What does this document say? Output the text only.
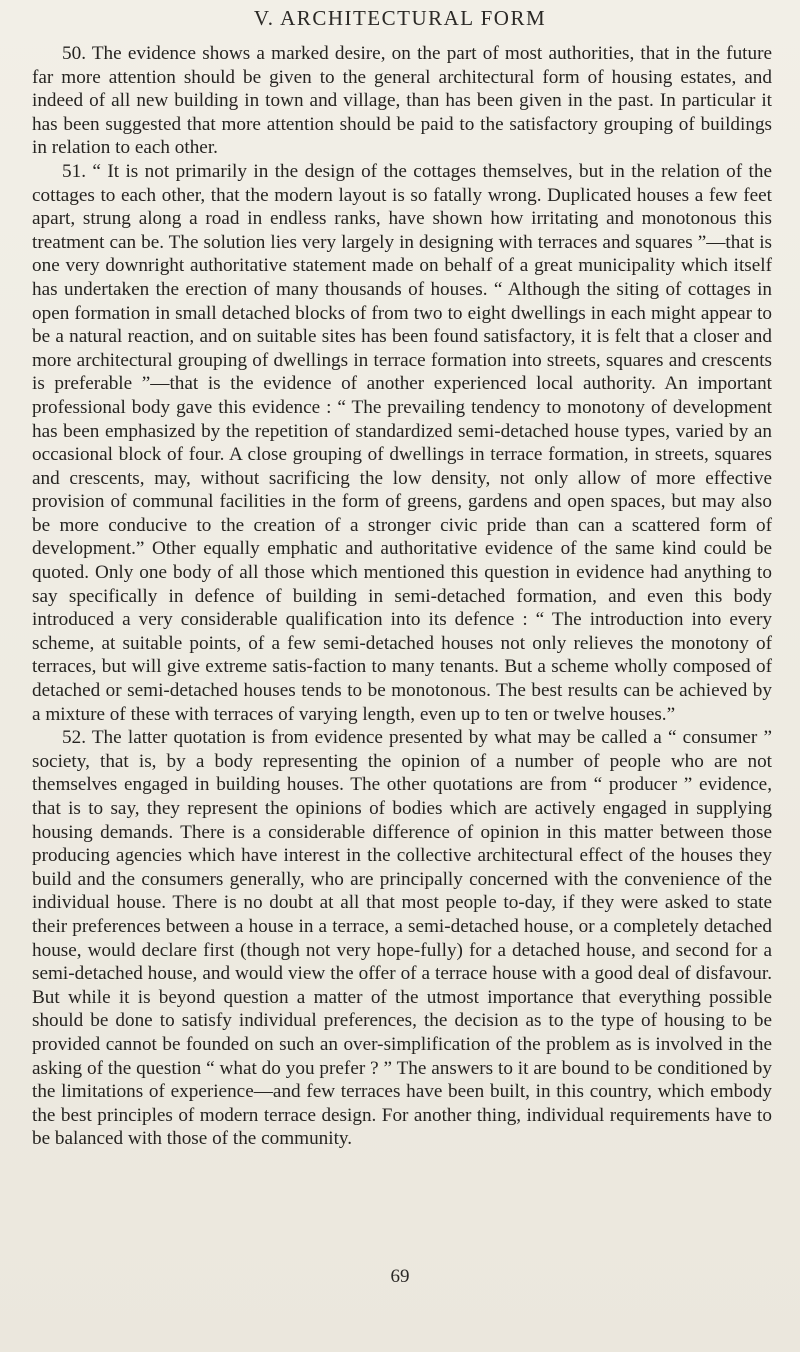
V. ARCHITECTURAL FORM

50. The evidence shows a marked desire, on the part of most authorities, that in the future far more attention should be given to the general architectural form of housing estates, and indeed of all new building in town and village, than has been given in the past. In particular it has been suggested that more attention should be paid to the satisfactory grouping of buildings in relation to each other.

51. “ It is not primarily in the design of the cottages themselves, but in the relation of the cottages to each other, that the modern layout is so fatally wrong. Duplicated houses a few feet apart, strung along a road in endless ranks, have shown how irritating and monotonous this treatment can be. The solution lies very largely in designing with terraces and squares ”—that is one very downright authoritative statement made on behalf of a great municipality which itself has undertaken the erection of many thousands of houses. “ Although the siting of cottages in open formation in small detached blocks of from two to eight dwellings in each might appear to be a natural reaction, and on suitable sites has been found satisfactory, it is felt that a closer and more architectural grouping of dwellings in terrace formation into streets, squares and crescents is preferable ”—that is the evidence of another experienced local authority. An important professional body gave this evidence : “ The prevailing tendency to monotony of development has been emphasized by the repetition of standardized semi-detached house types, varied by an occasional block of four. A close grouping of dwellings in terrace formation, in streets, squares and crescents, may, without sacrificing the low density, not only allow of more effective provision of communal facilities in the form of greens, gardens and open spaces, but may also be more conducive to the creation of a stronger civic pride than can a scattered form of development.” Other equally emphatic and authoritative evidence of the same kind could be quoted. Only one body of all those which mentioned this question in evidence had anything to say specifically in defence of building in semi-detached formation, and even this body introduced a very considerable qualification into its defence : “ The introduction into every scheme, at suitable points, of a few semi-detached houses not only relieves the monotony of terraces, but will give extreme satis-faction to many tenants. But a scheme wholly composed of detached or semi-detached houses tends to be monotonous. The best results can be achieved by a mixture of these with terraces of varying length, even up to ten or twelve houses.”

52. The latter quotation is from evidence presented by what may be called a “ consumer ” society, that is, by a body representing the opinion of a number of people who are not themselves engaged in building houses. The other quotations are from “ producer ” evidence, that is to say, they represent the opinions of bodies which are actively engaged in supplying housing demands. There is a considerable difference of opinion in this matter between those producing agencies which have interest in the collective architectural effect of the houses they build and the consumers generally, who are principally concerned with the convenience of the individual house. There is no doubt at all that most people to-day, if they were asked to state their preferences between a house in a terrace, a semi-detached house, or a completely detached house, would declare first (though not very hope-fully) for a detached house, and second for a semi-detached house, and would view the offer of a terrace house with a good deal of disfavour. But while it is beyond question a matter of the utmost importance that everything possible should be done to satisfy individual preferences, the decision as to the type of housing to be provided cannot be founded on such an over-simplification of the problem as is involved in the asking of the question “ what do you prefer ? ” The answers to it are bound to be conditioned by the limitations of experience—and few terraces have been built, in this country, which embody the best principles of modern terrace design. For another thing, individual requirements have to be balanced with those of the community.

69
